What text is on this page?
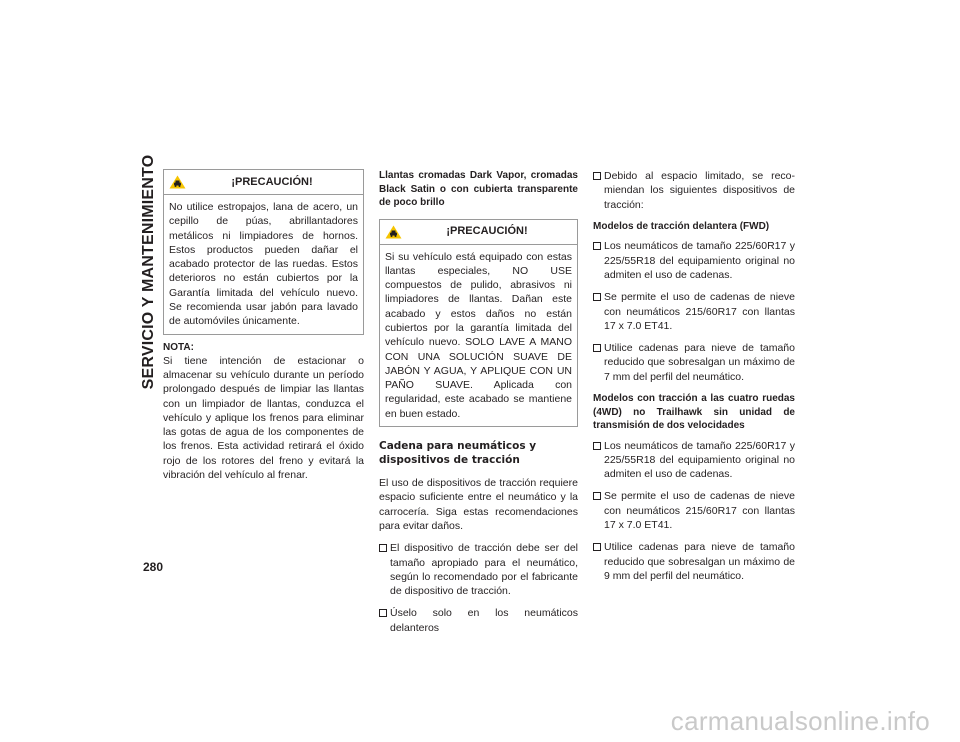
SERVICIO Y MANTENIMIENTO
280
¡PRECAUCIÓN!
No utilice estropajos, lana de acero, un cepillo de púas, abrillantadores metálicos ni limpiadores de hornos. Estos productos pueden dañar el acabado protector de las ruedas. Estos deterioros no están cubiertos por la Garantía limitada del vehículo nuevo. Se recomienda usar jabón para lavado de automóviles únicamente.
NOTA:

Si tiene intención de estacionar o almacenar su vehículo durante un período prolongado después de limpiar las llantas con un limpiador de llantas, conduzca el vehículo y aplique los frenos para eliminar las gotas de agua de los componentes de los frenos. Esta actividad retirará el óxido rojo de los rotores del freno y evitará la vibración del vehículo al frenar.

Llantas cromadas Dark Vapor, cromadas Black Satin o con cubierta transparente de poco brillo
¡PRECAUCIÓN!
Si su vehículo está equipado con estas llantas especiales, NO USE compuestos de pulido, abrasivos ni limpiadores de llantas. Dañan este acabado y estos daños no están cubiertos por la garantía limitada del vehículo nuevo. SOLO LAVE A MANO CON UNA SOLUCIÓN SUAVE DE JABÓN Y AGUA, Y APLIQUE CON UN PAÑO SUAVE. Aplicada con regularidad, este acabado se mantiene en buen estado.
Cadena para neumáticos y dispositivos de tracción

El uso de dispositivos de tracción requiere espacio suficiente entre el neumático y la carrocería. Siga estas recomendaciones para evitar daños.

El dispositivo de tracción debe ser del tamaño apropiado para el neumático, según lo recomendado por el fabricante de dispositivo de tracción.
Úselo solo en los neumáticos delanteros
Debido al espacio limitado, se reco-miendan los siguientes dispositivos de tracción:
Modelos de tracción delantera (FWD)
Los neumáticos de tamaño 225/60R17 y 225/55R18 del equipamiento original no admiten el uso de cadenas.
Se permite el uso de cadenas de nieve con neumáticos 215/60R17 con llantas 17 x 7.0 ET41.
Utilice cadenas para nieve de tamaño reducido que sobresalgan un máximo de 7 mm del perfil del neumático.
Modelos con tracción a las cuatro ruedas (4WD) no Trailhawk sin unidad de transmisión de dos velocidades
Los neumáticos de tamaño 225/60R17 y 225/55R18 del equipamiento original no admiten el uso de cadenas.
Se permite el uso de cadenas de nieve con neumáticos 215/60R17 con llantas 17 x 7.0 ET41.
Utilice cadenas para nieve de tamaño reducido que sobresalgan un máximo de 9 mm del perfil del neumático.
carmanualsonline.info
